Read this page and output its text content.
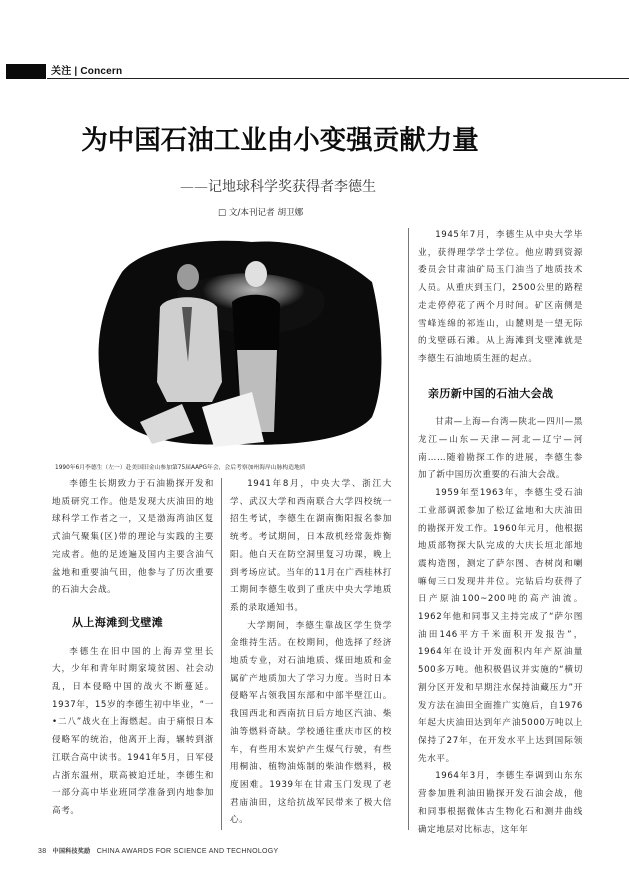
关注 | Concern
为中国石油工业由小变强贡献力量
——记地球科学奖获得者李德生
□ 文/本刊记者 胡卫娜
1990年6月李德生（左一）赴美国旧金山参加第75届AAPG年会，会后考察加州海岸山脉构造地质

李德生长期致力于石油勘探开发和地质研究工作。他是发现大庆油田的地球科学工作者之一，又是渤海湾油区复式油气聚集(区)带的理论与实践的主要完成者。他的足迹遍及国内主要含油气盆地和重要油气田，他参与了历次重要的石油大会战。

从上海滩到戈壁滩

李德生在旧中国的上海弄堂里长大，少年和青年时期家境贫困、社会动乱，日本侵略中国的战火不断蔓延。1937年，15岁的李德生初中毕业，“一•二八”战火在上海燃起。由于痛恨日本侵略军的统治，他离开上海，辗转到浙江联合高中读书。1941年5月，日军侵占浙东温州，联高被迫迁址，李德生和一部分高中毕业班同学准备到内地参加高考。

1941年8月，中央大学、浙江大学、武汉大学和西南联合大学四校统一招生考试，李德生在湖南衡阳报名参加统考。考试期间，日本敌机经常轰炸衡阳。他白天在防空洞里复习功课，晚上到考场应试。当年的11月在广西桂林打工期间李德生收到了重庆中央大学地质系的录取通知书。

大学期间，李德生靠战区学生贷学金维持生活。在校期间，他选择了经济地质专业，对石油地质、煤田地质和金属矿产地质加大了学习力度。当时日本侵略军占领我国东部和中部半壁江山。我国西北和西南抗日后方地区汽油、柴油等燃料奇缺。学校通往重庆市区的校车，有些用木炭炉产生煤气行驶，有些用桐油、植物油炼制的柴油作燃料，极度困难。1939年在甘肃玉门发现了老君庙油田，这给抗战军民带来了极大信心。

1945年7月，李德生从中央大学毕业，获得理学学士学位。他应聘到资源委员会甘肃油矿局玉门油当了地质技术人员。从重庆到玉门，2500公里的路程走走停停花了两个月时间。矿区南侧是雪峰连绵的祁连山，山麓则是一望无际的戈壁砾石滩。从上海滩到戈壁滩就是李德生石油地质生涯的起点。

亲历新中国的石油大会战

甘肃—上海—台湾—陕北—四川—黑龙江—山东—天津—河北—辽宁—河南……随着勘探工作的进展，李德生参加了新中国历次重要的石油大会战。

1959年至1963年，李德生受石油工业部调派参加了松辽盆地和大庆油田的勘探开发工作。1960年元月，他根据地质部物探大队完成的大庆长垣北部地震构造图，测定了萨尔图、杏树岗和喇嘛甸三口发现井井位。完钻后均获得了日产原油100~200吨的高产油流。1962年他和同事又主持完成了“萨尔图油田146平方千米面积开发报告”，1964年在设计开发面积内年产原油量500多万吨。他积极倡议并实施的“横切割分区开发和早期注水保持油藏压力”开发方法在油田全面推广实施后，自1976年起大庆油田达到年产油5000万吨以上保持了27年，在开发水平上达到国际领先水平。

1964年3月，李德生奉调到山东东营参加胜利油田勘探开发石油会战，他和同事根据微体古生物化石和测井曲线确定地层对比标志，这年年

38 中国科技奖励 CHINA AWARDS FOR SCIENCE AND TECHNOLOGY
